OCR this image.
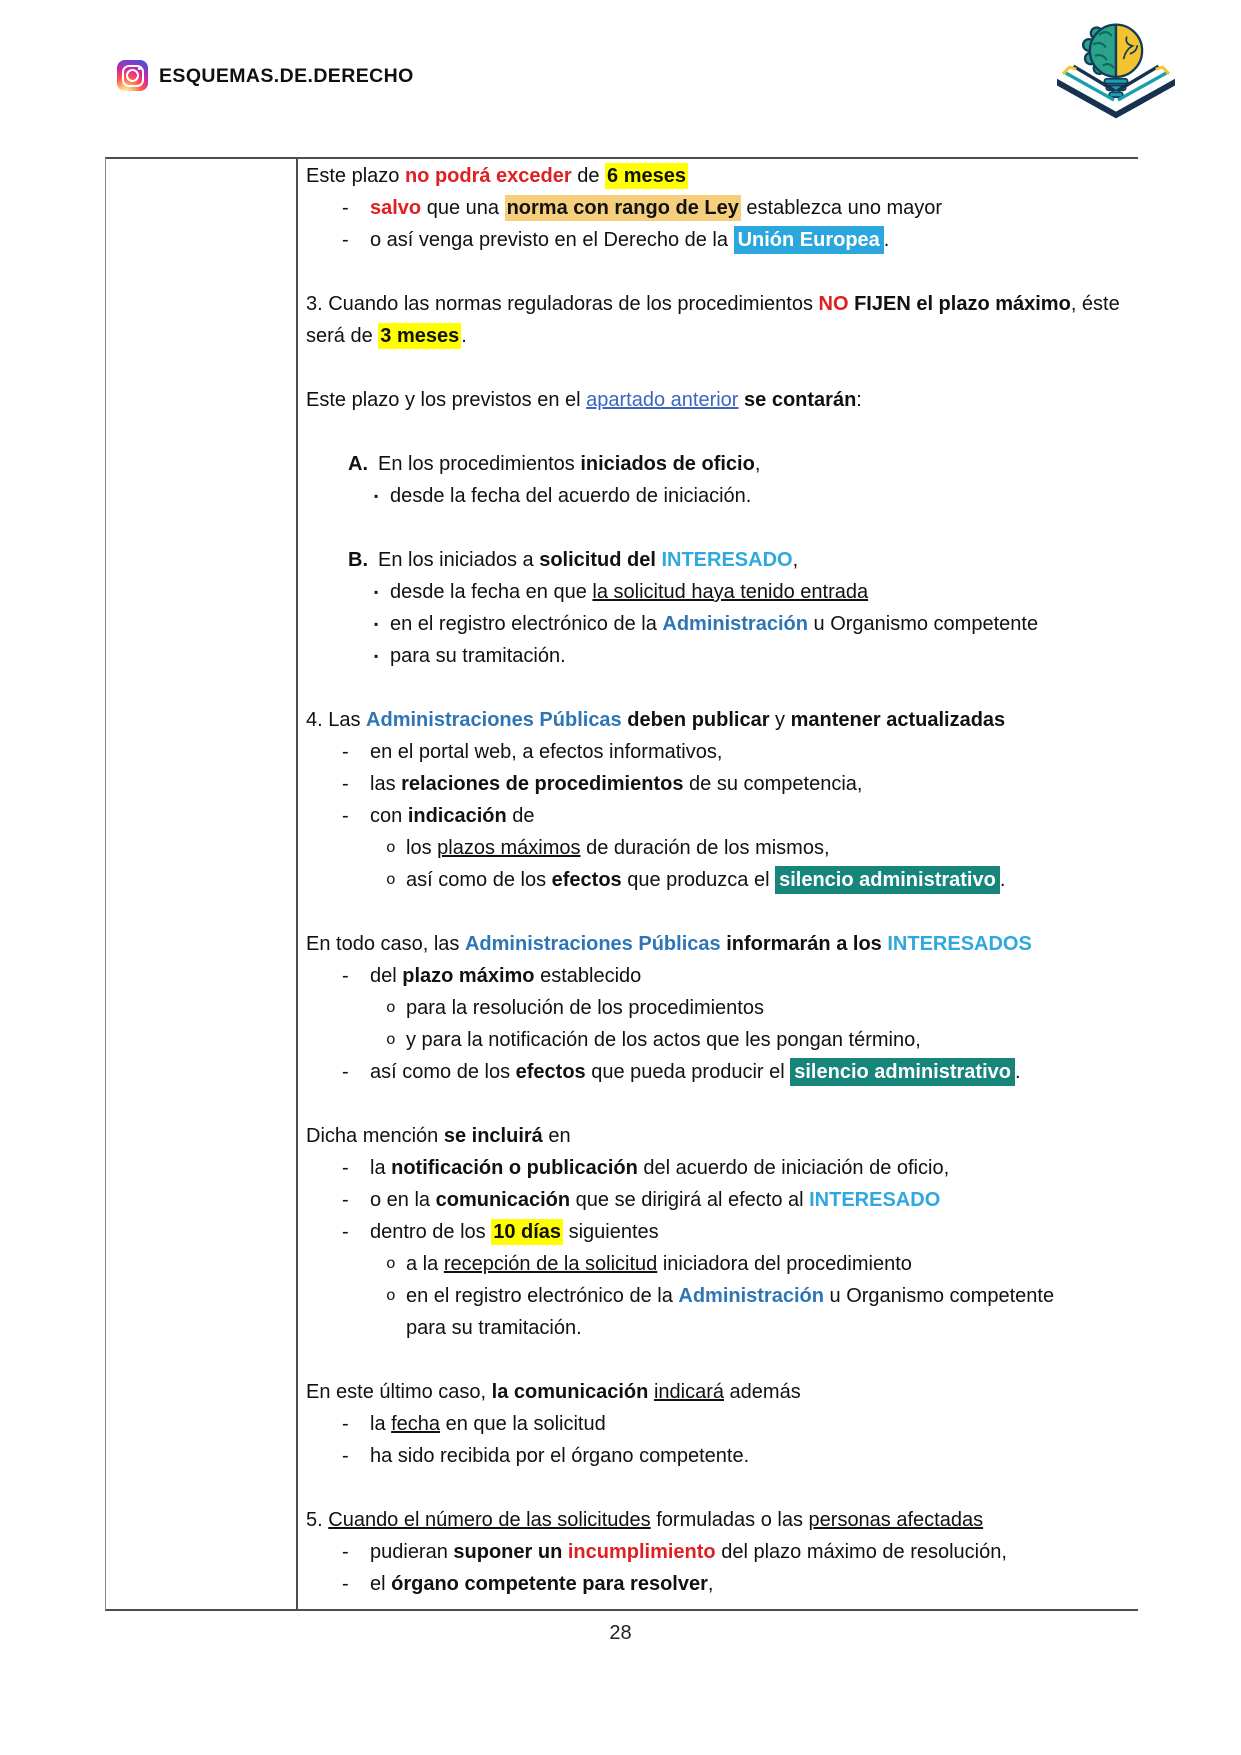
ESQUEMAS.DE.DERECHO
Este plazo no podrá exceder de 6 meses
- salvo que una norma con rango de Ley establezca uno mayor
- o así venga previsto en el Derecho de la Unión Europea .
3. Cuando las normas reguladoras de los procedimientos NO FIJEN el plazo máximo, éste
será de 3 meses .
Este plazo y los previstos en el apartado anterior se contarán:
A. En los procedimientos iniciados de oficio,
▪ desde la fecha del acuerdo de iniciación.
B. En los iniciados a solicitud del INTERESADO,
▪ desde la fecha en que la solicitud haya tenido entrada
▪ en el registro electrónico de la Administración u Organismo competente
▪ para su tramitación.
4. Las Administraciones Públicas deben publicar y mantener actualizadas
- en el portal web, a efectos informativos,
- las relaciones de procedimientos de su competencia,
- con indicación de
o los plazos máximos de duración de los mismos,
o así como de los efectos que produzca el silencio administrativo .
En todo caso, las Administraciones Públicas informarán a los INTERESADOS
- del plazo máximo establecido
o para la resolución de los procedimientos
o y para la notificación de los actos que les pongan término,
- así como de los efectos que pueda producir el silencio administrativo .
Dicha mención se incluirá en
- la notificación o publicación del acuerdo de iniciación de oficio,
- o en la comunicación que se dirigirá al efecto al INTERESADO
- dentro de los 10 días siguientes
o a la recepción de la solicitud iniciadora del procedimiento
o en el registro electrónico de la Administración u Organismo competente
para su tramitación.
En este último caso, la comunicación indicará además
- la fecha en que la solicitud
- ha sido recibida por el órgano competente.
5. Cuando el número de las solicitudes formuladas o las personas afectadas
- pudieran suponer un incumplimiento del plazo máximo de resolución,
- el órgano competente para resolver,
28
